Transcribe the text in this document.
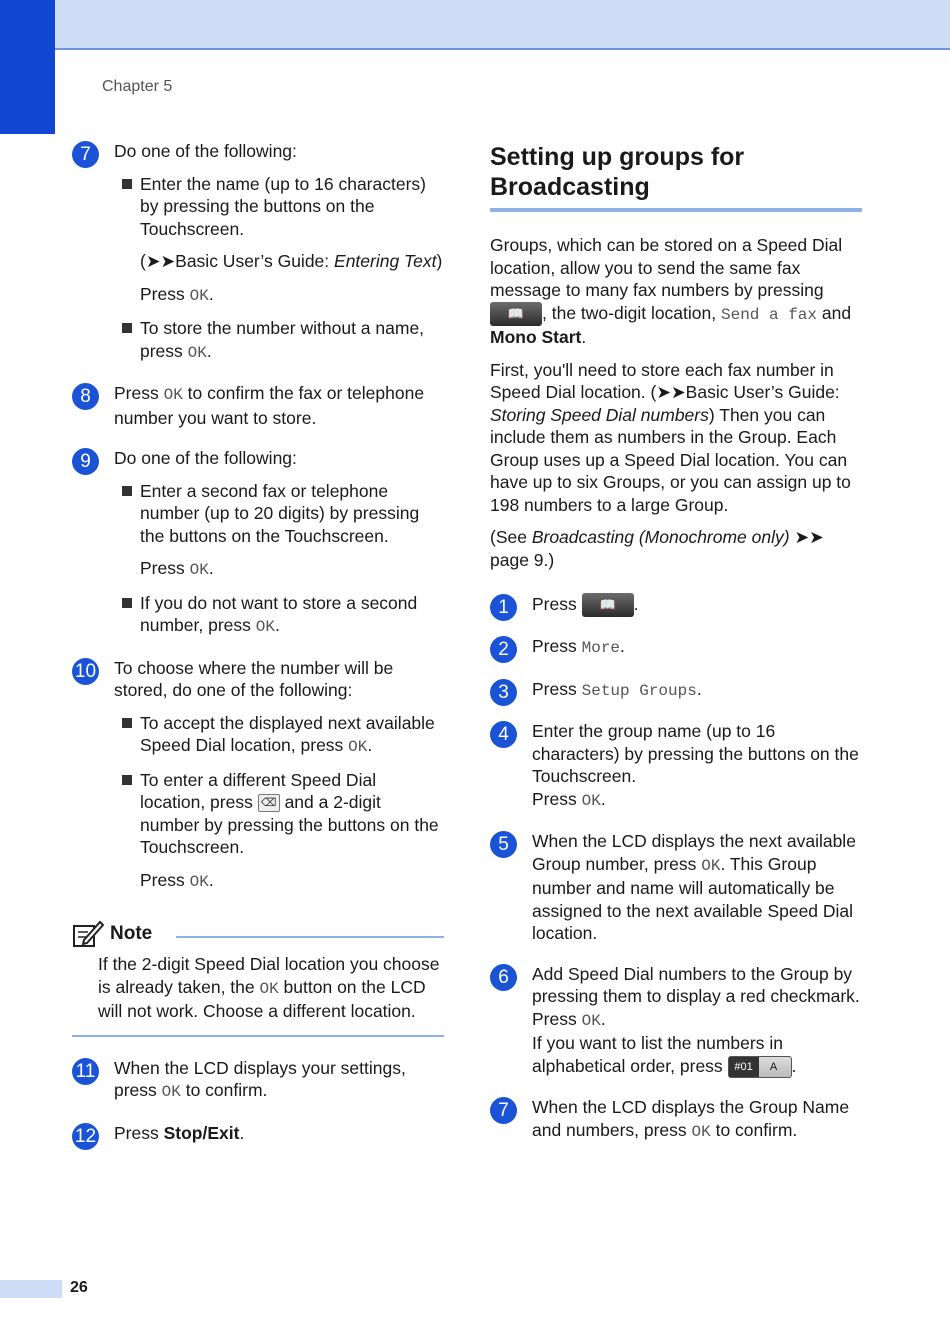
Chapter 5
7	Do one of the following:

Enter the name (up to 16 characters) by pressing the buttons on the Touchscreen.
(➤➤Basic User’s Guide: Entering Text)
Press OK.
To store the number without a name, press OK.
8	Press OK to confirm the fax or telephone number you want to store.
9	Do one of the following:

Enter a second fax or telephone number (up to 20 digits) by pressing the buttons on the Touchscreen.
Press OK.
If you do not want to store a second number, press OK.
10 To choose where the number will be stored, do one of the following:

To accept the displayed next available Speed Dial location, press OK.
To enter a different Speed Dial location, press ⌫ and a 2-digit number by pressing the buttons on the Touchscreen.
Press OK.
Note
If the 2-digit Speed Dial location you choose is already taken, the OK button on the LCD will not work. Choose a different location.
11 When the LCD displays your settings, press OK to confirm.
12 Press Stop/Exit.
Setting up groups for Broadcasting

Groups, which can be stored on a Speed Dial location, allow you to send the same fax message to many fax numbers by pressing 📖 , the two-digit location, Send a fax and Mono Start.

First, you'll need to store each fax number in Speed Dial location. (➤➤Basic User’s Guide: Storing Speed Dial numbers) Then you can include them as numbers in the Group. Each Group uses up a Speed Dial location. You can have up to six Groups, or you can assign up to 198 numbers to a large Group.

(See Broadcasting (Monochrome only) ➤➤ page 9.)

1	Press 📖 .
2	Press More.
3	Press Setup Groups.
4	Enter the group name (up to 16 characters) by pressing the buttons on the Touchscreen.

Press OK.

5	When the LCD displays the next available Group number, press OK. This Group number and name will automatically be assigned to the next available Speed Dial location.
6	Add Speed Dial numbers to the Group by pressing them to display a red checkmark. Press OK.

If you want to list the numbers in alphabetical order, press #01 A .

7	When the LCD displays the Group Name and numbers, press OK to confirm.
26
